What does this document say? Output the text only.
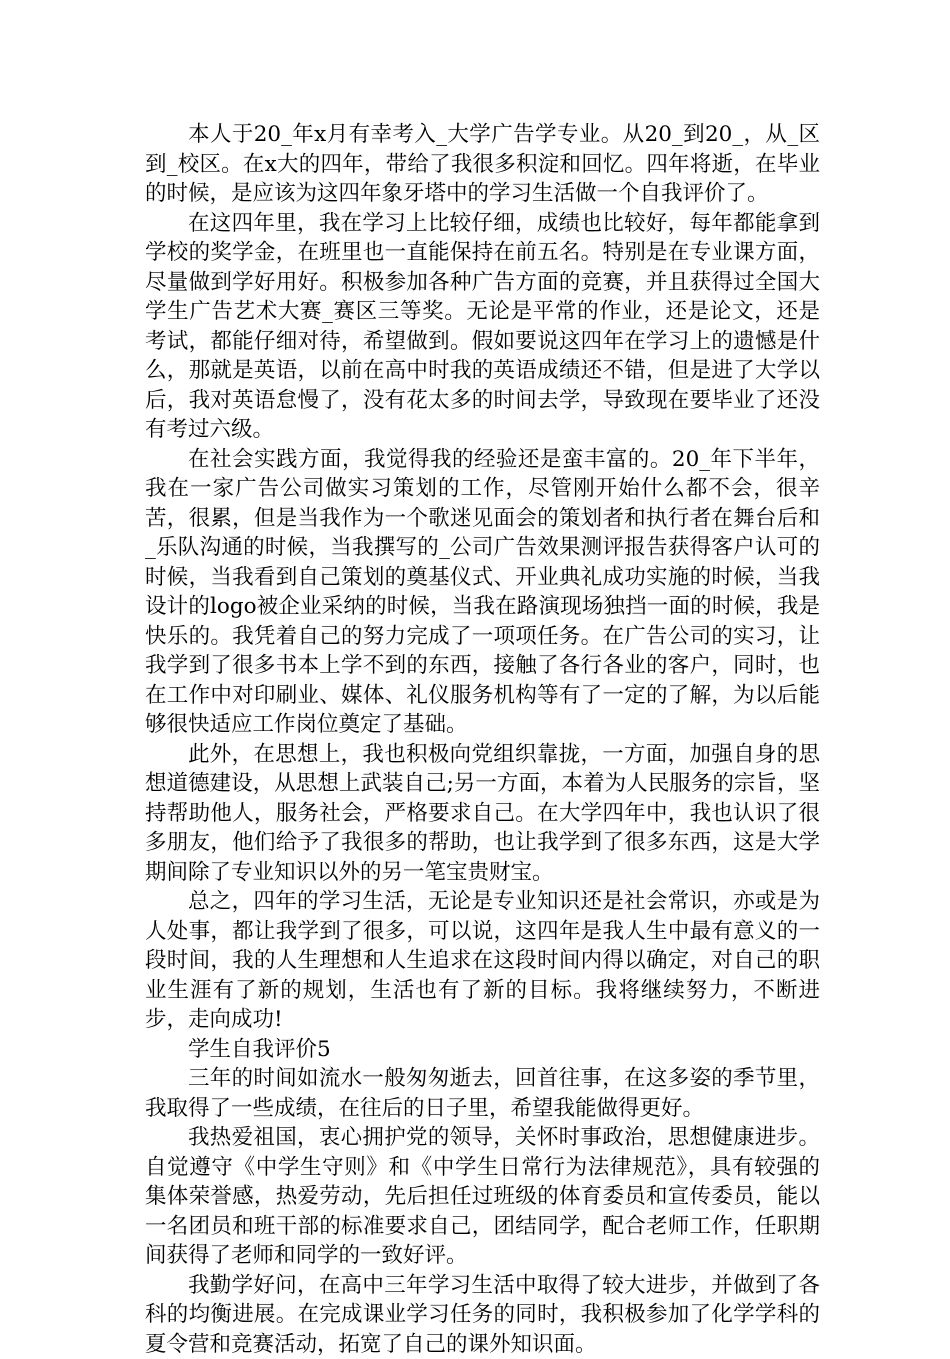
本人于20_年x月有幸考入_大学广告学专业。从20_到20_，从_区到_校区。在x大的四年，带给了我很多积淀和回忆。四年将逝，在毕业的时候，是应该为这四年象牙塔中的学习生活做一个自我评价了。

在这四年里，我在学习上比较仔细，成绩也比较好，每年都能拿到学校的奖学金，在班里也一直能保持在前五名。特别是在专业课方面，尽量做到学好用好。积极参加各种广告方面的竞赛，并且获得过全国大学生广告艺术大赛_赛区三等奖。无论是平常的作业，还是论文，还是考试，都能仔细对待，希望做到。假如要说这四年在学习上的遗憾是什么，那就是英语，以前在高中时我的英语成绩还不错，但是进了大学以后，我对英语怠慢了，没有花太多的时间去学，导致现在要毕业了还没有考过六级。

在社会实践方面，我觉得我的经验还是蛮丰富的。20_年下半年，我在一家广告公司做实习策划的工作，尽管刚开始什么都不会，很辛苦，很累，但是当我作为一个歌迷见面会的策划者和执行者在舞台后和_乐队沟通的时候，当我撰写的_公司广告效果测评报告获得客户认可的时候，当我看到自己策划的奠基仪式、开业典礼成功实施的时候，当我设计的logo被企业采纳的时候，当我在路演现场独挡一面的时候，我是快乐的。我凭着自己的努力完成了一项项任务。在广告公司的实习，让我学到了很多书本上学不到的东西，接触了各行各业的客户，同时，也在工作中对印刷业、媒体、礼仪服务机构等有了一定的了解，为以后能够很快适应工作岗位奠定了基础。

此外，在思想上，我也积极向党组织靠拢，一方面，加强自身的思想道德建设，从思想上武装自己;另一方面，本着为人民服务的宗旨，坚持帮助他人，服务社会，严格要求自己。在大学四年中，我也认识了很多朋友，他们给予了我很多的帮助，也让我学到了很多东西，这是大学期间除了专业知识以外的另一笔宝贵财宝。

总之，四年的学习生活，无论是专业知识还是社会常识，亦或是为人处事，都让我学到了很多，可以说，这四年是我人生中最有意义的一段时间，我的人生理想和人生追求在这段时间内得以确定，对自己的职业生涯有了新的规划，生活也有了新的目标。我将继续努力，不断进步，走向成功!

学生自我评价5

三年的时间如流水一般匆匆逝去，回首往事，在这多姿的季节里，我取得了一些成绩，在往后的日子里，希望我能做得更好。

我热爱祖国，衷心拥护党的领导，关怀时事政治，思想健康进步。自觉遵守《中学生守则》和《中学生日常行为法律规范》，具有较强的集体荣誉感，热爱劳动，先后担任过班级的体育委员和宣传委员，能以一名团员和班干部的标准要求自己，团结同学，配合老师工作，任职期间获得了老师和同学的一致好评。

我勤学好问，在高中三年学习生活中取得了较大进步，并做到了各科的均衡进展。在完成课业学习任务的同时，我积极参加了化学学科的夏令营和竞赛活动，拓宽了自己的课外知识面。
